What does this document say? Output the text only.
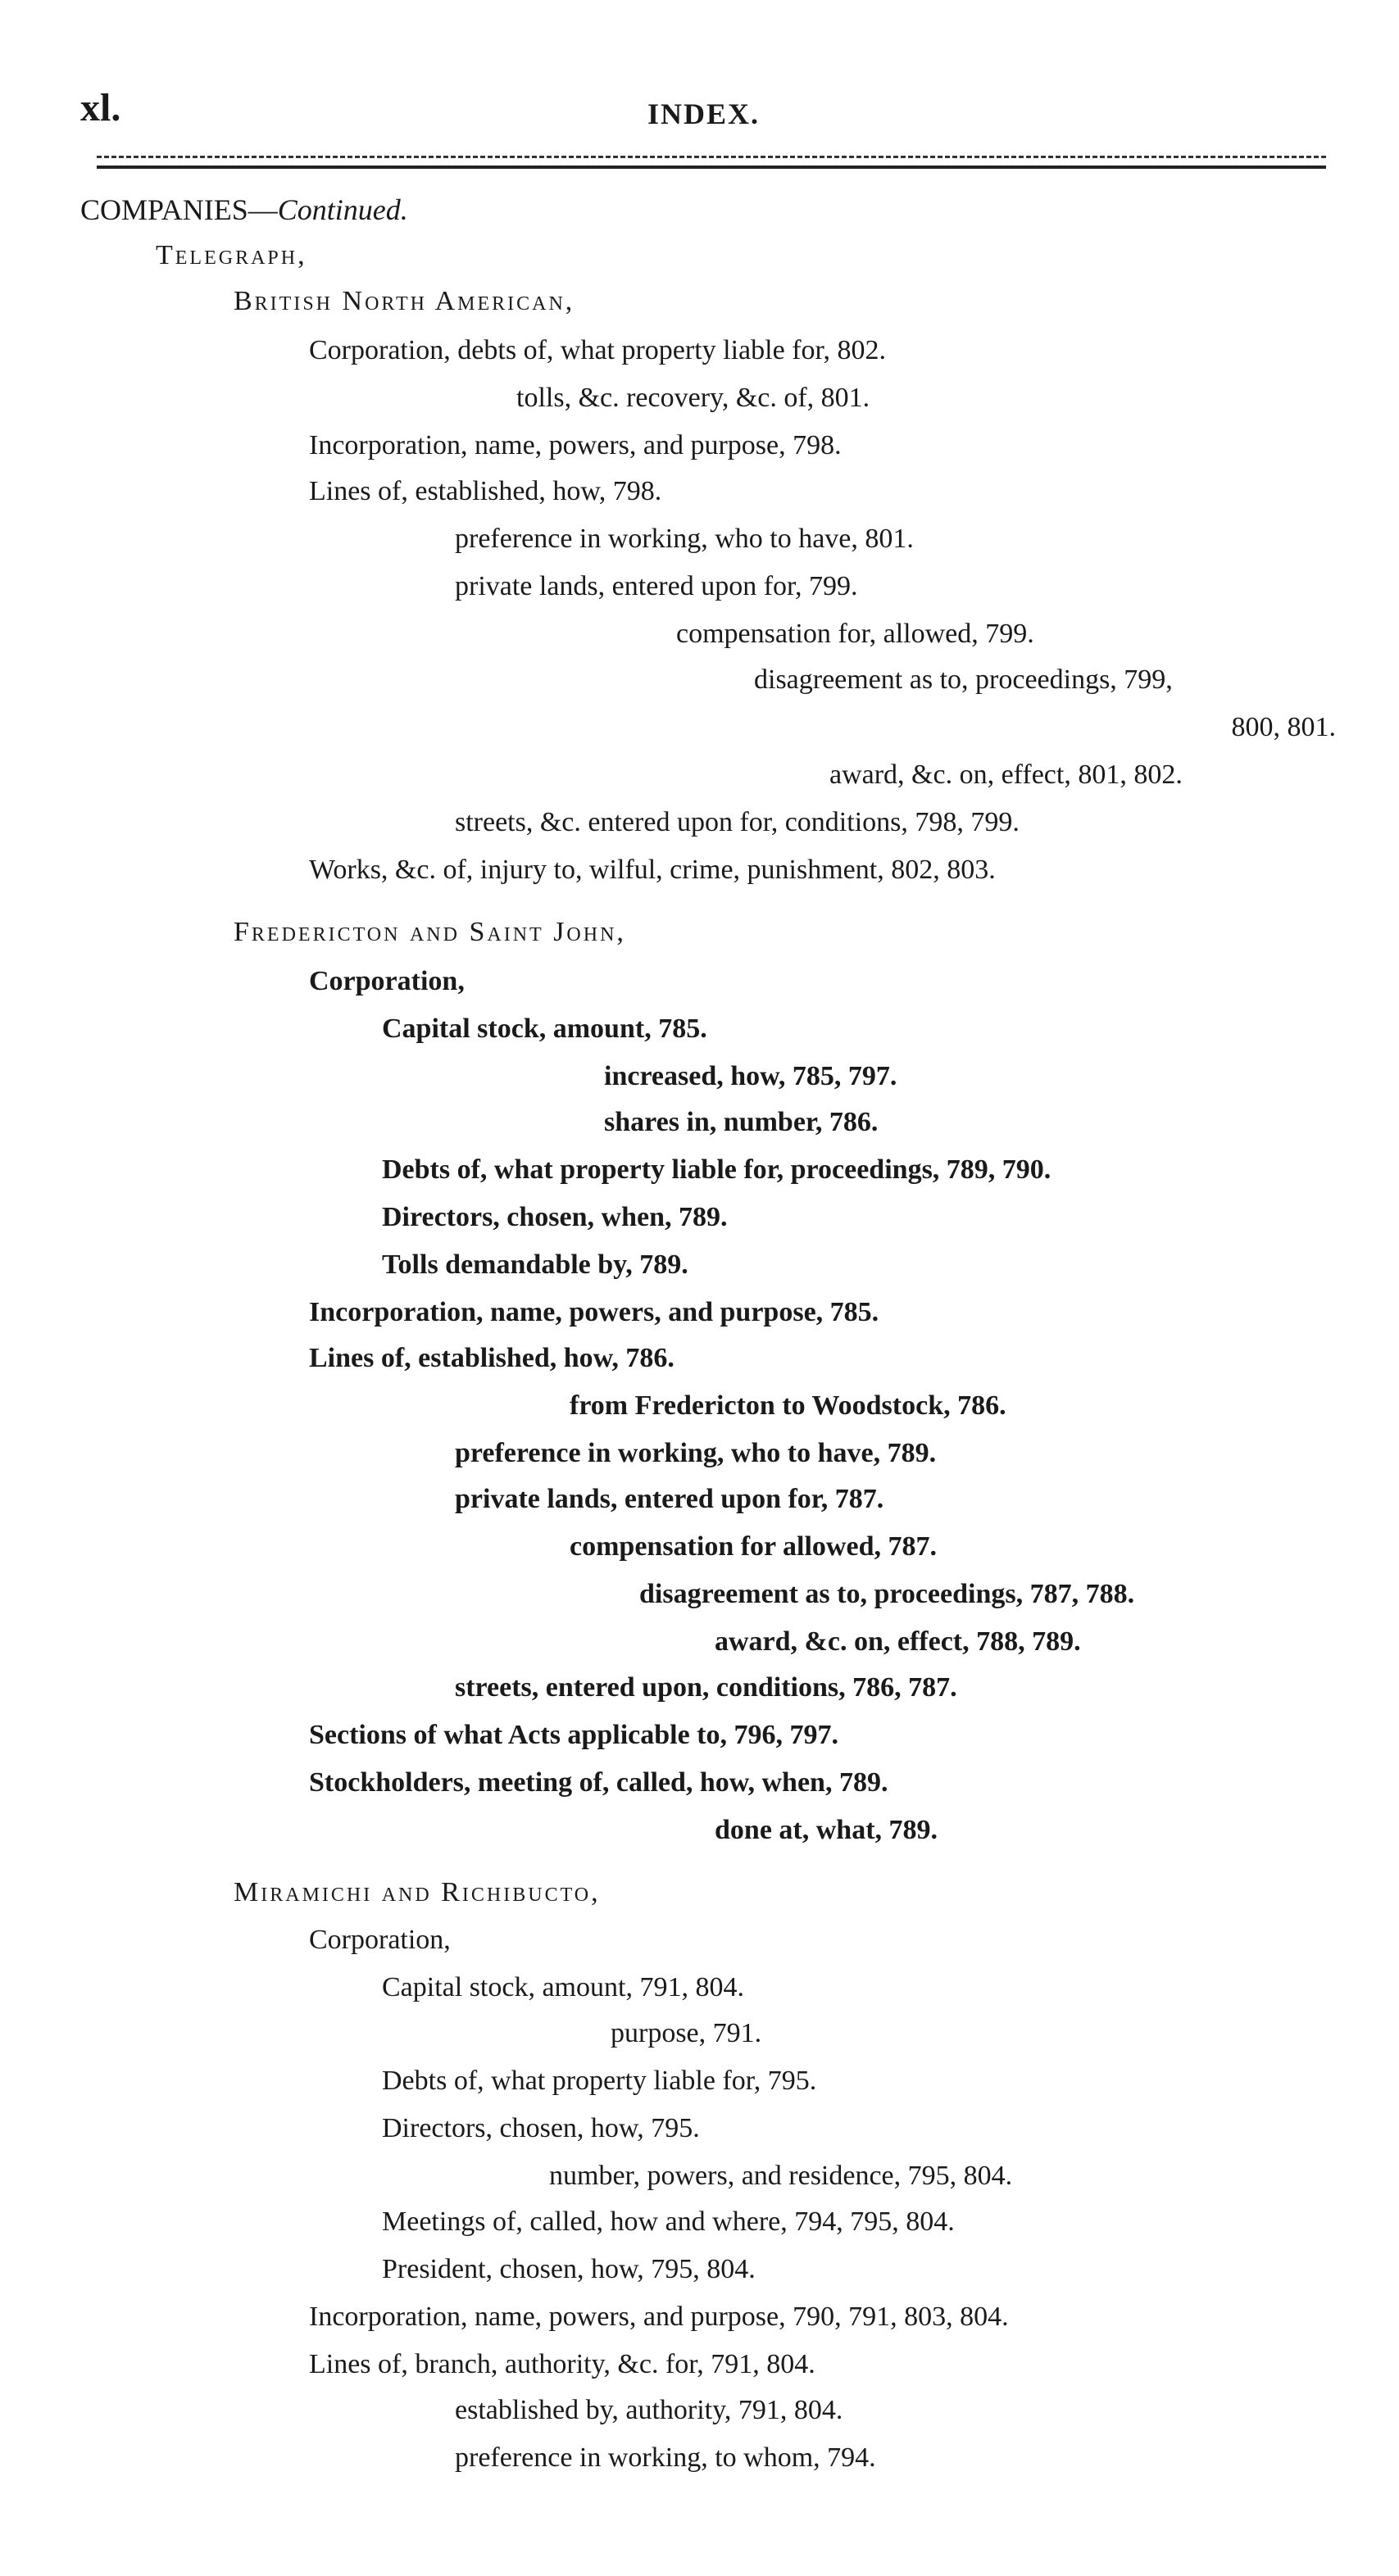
xl.	INDEX.
COMPANIES—Continued.
Telegraph,
British North American,
Corporation, debts of, what property liable for, 802.
tolls, &c. recovery, &c. of, 801.
Incorporation, name, powers, and purpose, 798.
Lines of, established, how, 798.
preference in working, who to have, 801.
private lands, entered upon for, 799.
compensation for, allowed, 799.
disagreement as to, proceedings, 799,
800, 801.
award, &c. on, effect, 801, 802.
streets, &c. entered upon for, conditions, 798, 799.
Works, &c. of, injury to, wilful, crime, punishment, 802, 803.
Fredericton and Saint John,
Corporation,
Capital stock, amount, 785.
increased, how, 785, 797.
shares in, number, 786.
Debts of, what property liable for, proceedings, 789, 790.
Directors, chosen, when, 789.
Tolls demandable by, 789.
Incorporation, name, powers, and purpose, 785.
Lines of, established, how, 786.
from Fredericton to Woodstock, 786.
preference in working, who to have, 789.
private lands, entered upon for, 787.
compensation for allowed, 787.
disagreement as to, proceedings, 787, 788.
award, &c. on, effect, 788, 789.
streets, entered upon, conditions, 786, 787.
Sections of what Acts applicable to, 796, 797.
Stockholders, meeting of, called, how, when, 789.
done at, what, 789.
Miramichi and Richibucto,
Corporation,
Capital stock, amount, 791, 804.
purpose, 791.
Debts of, what property liable for, 795.
Directors, chosen, how, 795.
number, powers, and residence, 795, 804.
Meetings of, called, how and where, 794, 795, 804.
President, chosen, how, 795, 804.
Incorporation, name, powers, and purpose, 790, 791, 803, 804.
Lines of, branch, authority, &c. for, 791, 804.
established by, authority, 791, 804.
preference in working, to whom, 794.
